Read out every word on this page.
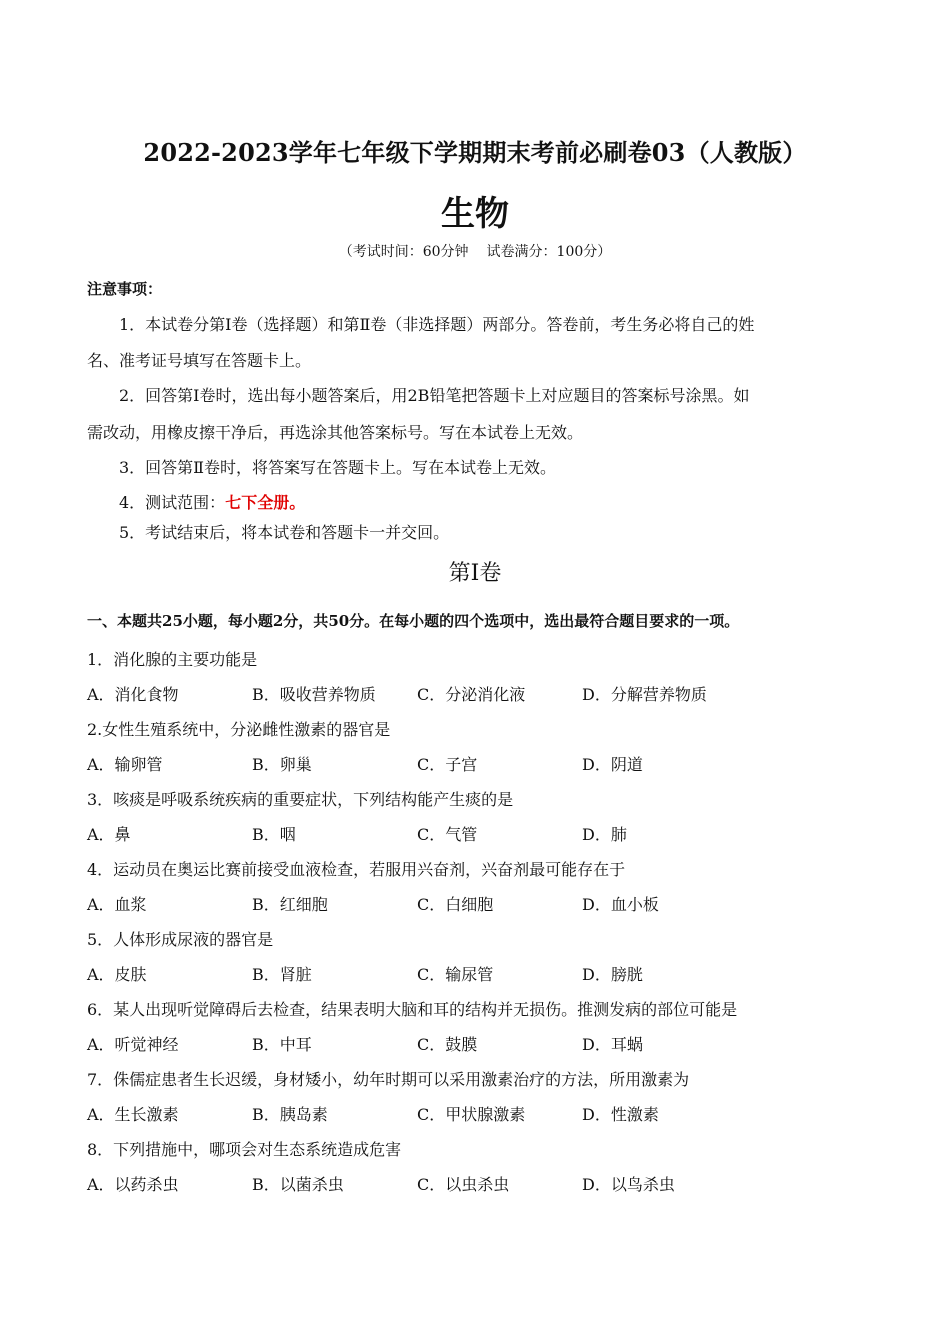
2022-2023学年七年级下学期期末考前必刷卷03（人教版）
生物
（考试时间：60分钟 试卷满分：100分）
注意事项：
1．本试卷分第Ⅰ卷（选择题）和第Ⅱ卷（非选择题）两部分。答卷前，考生务必将自己的姓
名、准考证号填写在答题卡上。
2．回答第Ⅰ卷时，选出每小题答案后，用2B铅笔把答题卡上对应题目的答案标号涂黑。如
需改动，用橡皮擦干净后，再选涂其他答案标号。写在本试卷上无效。
3．回答第Ⅱ卷时，将答案写在答题卡上。写在本试卷上无效。
4．测试范围：七下全册。
5．考试结束后，将本试卷和答题卡一并交回。
第Ⅰ卷
一、本题共25小题，每小题2分，共50分。在每小题的四个选项中，选出最符合题目要求的一项。
1．消化腺的主要功能是
A．消化食物	B．吸收营养物质	C．分泌消化液	D．分解营养物质
2.女性生殖系统中，分泌雌性激素的器官是
A．输卵管	B．卵巢	C．子宫	D．阴道
3．咳痰是呼吸系统疾病的重要症状，下列结构能产生痰的是
A．鼻	B．咽	C．气管	D．肺
4．运动员在奥运比赛前接受血液检查，若服用兴奋剂，兴奋剂最可能存在于
A．血浆	B．红细胞	C．白细胞	D．血小板
5．人体形成尿液的器官是
A．皮肤	B．肾脏	C．输尿管	D．膀胱
6．某人出现听觉障碍后去检查，结果表明大脑和耳的结构并无损伤。推测发病的部位可能是
A．听觉神经	B．中耳	C．鼓膜	D．耳蜗
7．侏儒症患者生长迟缓，身材矮小，幼年时期可以采用激素治疗的方法，所用激素为
A．生长激素	B．胰岛素	C．甲状腺激素	D．性激素
8．下列措施中，哪项会对生态系统造成危害
A．以药杀虫	B．以菌杀虫	C．以虫杀虫	D．以鸟杀虫
